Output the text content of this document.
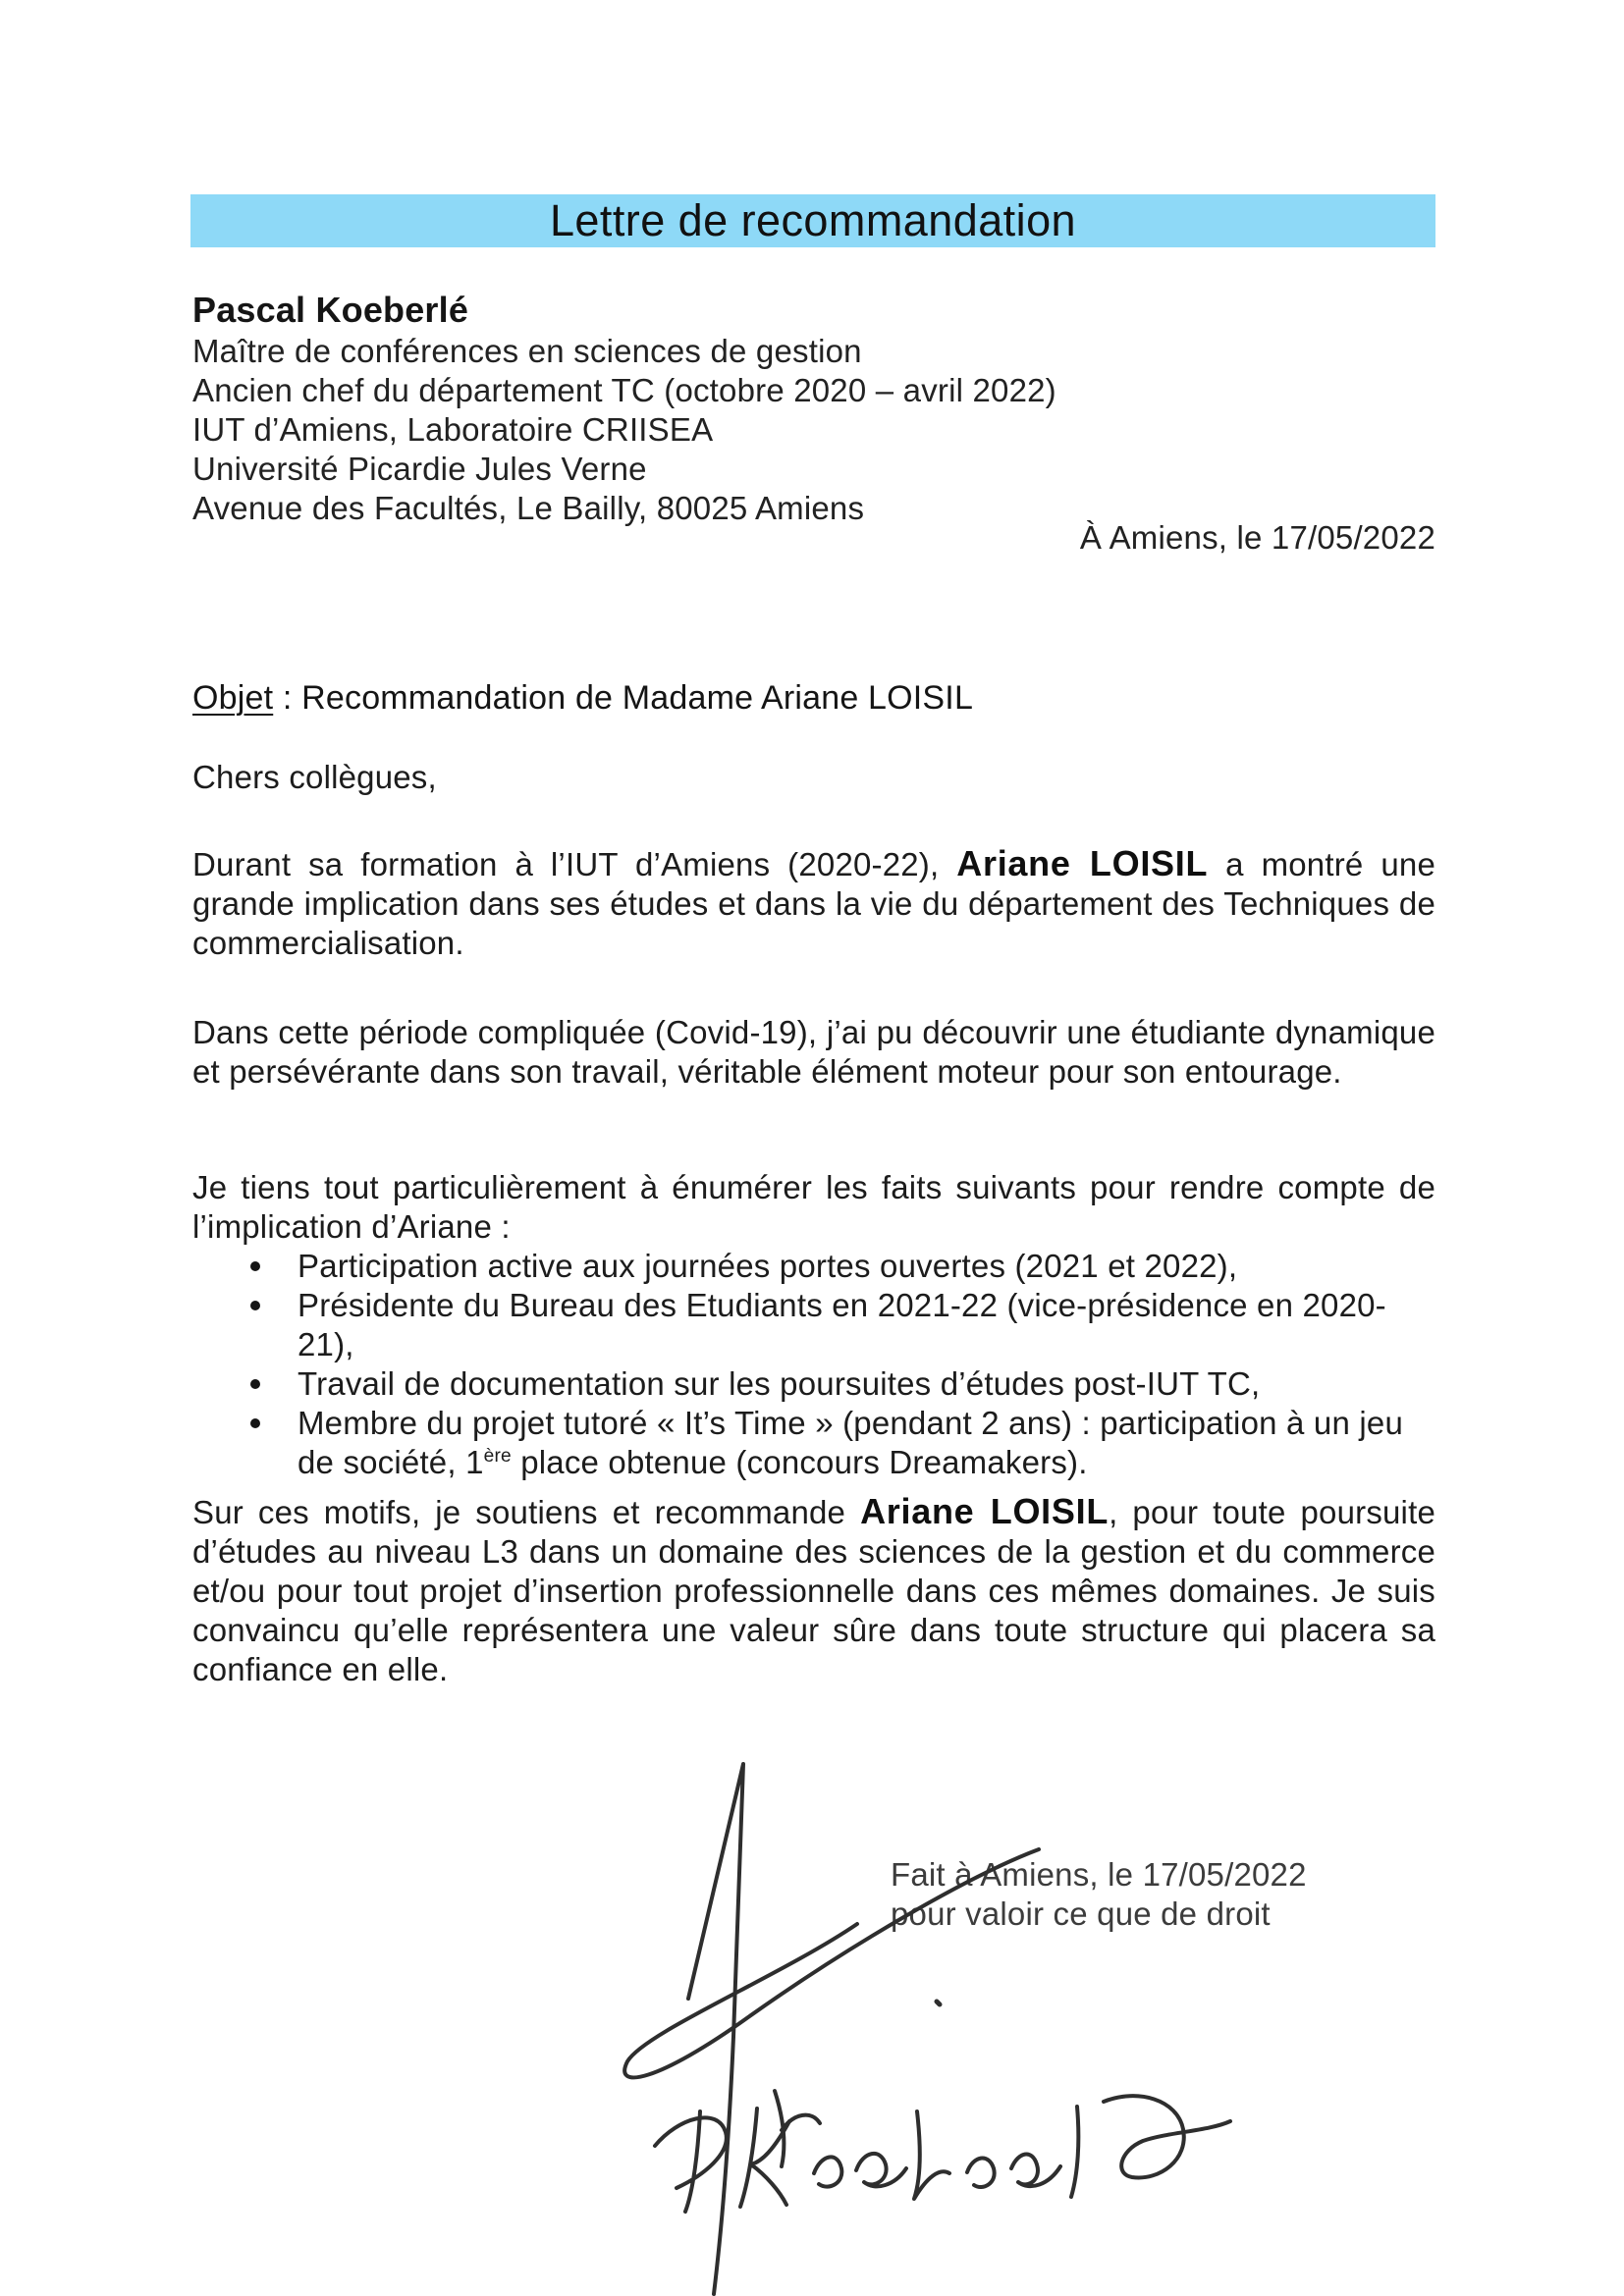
Lettre de recommandation
Pascal Koeberlé
Maître de conférences en sciences de gestion
Ancien chef du département TC (octobre 2020 – avril 2022)
IUT d’Amiens, Laboratoire CRIISEA
Université Picardie Jules Verne
Avenue des Facultés, Le Bailly, 80025 Amiens
À Amiens, le 17/05/2022
Objet : Recommandation de Madame Ariane LOISIL
Chers collègues,
Durant sa formation à l’IUT d’Amiens (2020-22), Ariane LOISIL a montré une grande implication dans ses études et dans la vie du département des Techniques de commercialisation.
Dans cette période compliquée (Covid-19), j’ai pu découvrir une étudiante dynamique et persévérante dans son travail, véritable élément moteur pour son entourage.
Je tiens tout particulièrement à énumérer les faits suivants pour rendre compte de l’implication d’Ariane :
Participation active aux journées portes ouvertes (2021 et 2022),
Présidente du Bureau des Etudiants en 2021-22 (vice-présidence en 2020-21),
Travail de documentation sur les poursuites d’études post-IUT TC,
Membre du projet tutoré « It’s Time » (pendant 2 ans) : participation à un jeu de société, 1ère place obtenue (concours Dreamakers).
Sur ces motifs, je soutiens et recommande Ariane LOISIL, pour toute poursuite d’études au niveau L3 dans un domaine des sciences de la gestion et du commerce et/ou pour tout projet d’insertion professionnelle dans ces mêmes domaines. Je suis convaincu qu’elle représentera une valeur sûre dans toute structure qui placera sa confiance en elle.
Fait à Amiens, le 17/05/2022
pour valoir ce que de droit
